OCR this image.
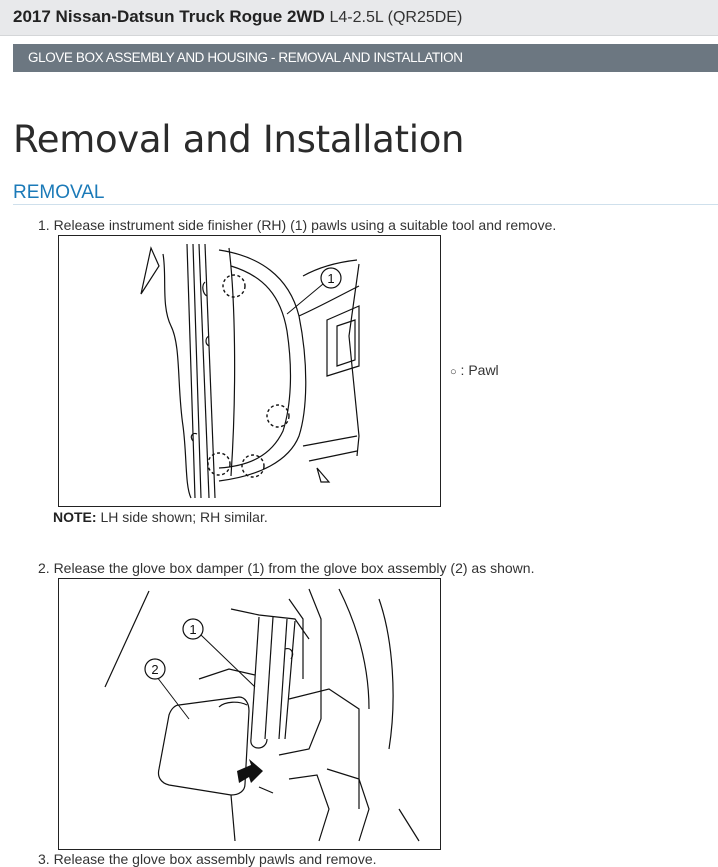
2017 Nissan-Datsun Truck Rogue 2WD L4-2.5L (QR25DE)
GLOVE BOX ASSEMBLY AND HOUSING - REMOVAL AND INSTALLATION
Removal and Installation
REMOVAL
1. Release instrument side finisher (RH) (1) pawls using a suitable tool and remove.
1
○ : Pawl
NOTE: LH side shown; RH similar.
2. Release the glove box damper (1) from the glove box assembly (2) as shown.
1
2
3. Release the glove box assembly pawls and remove.
